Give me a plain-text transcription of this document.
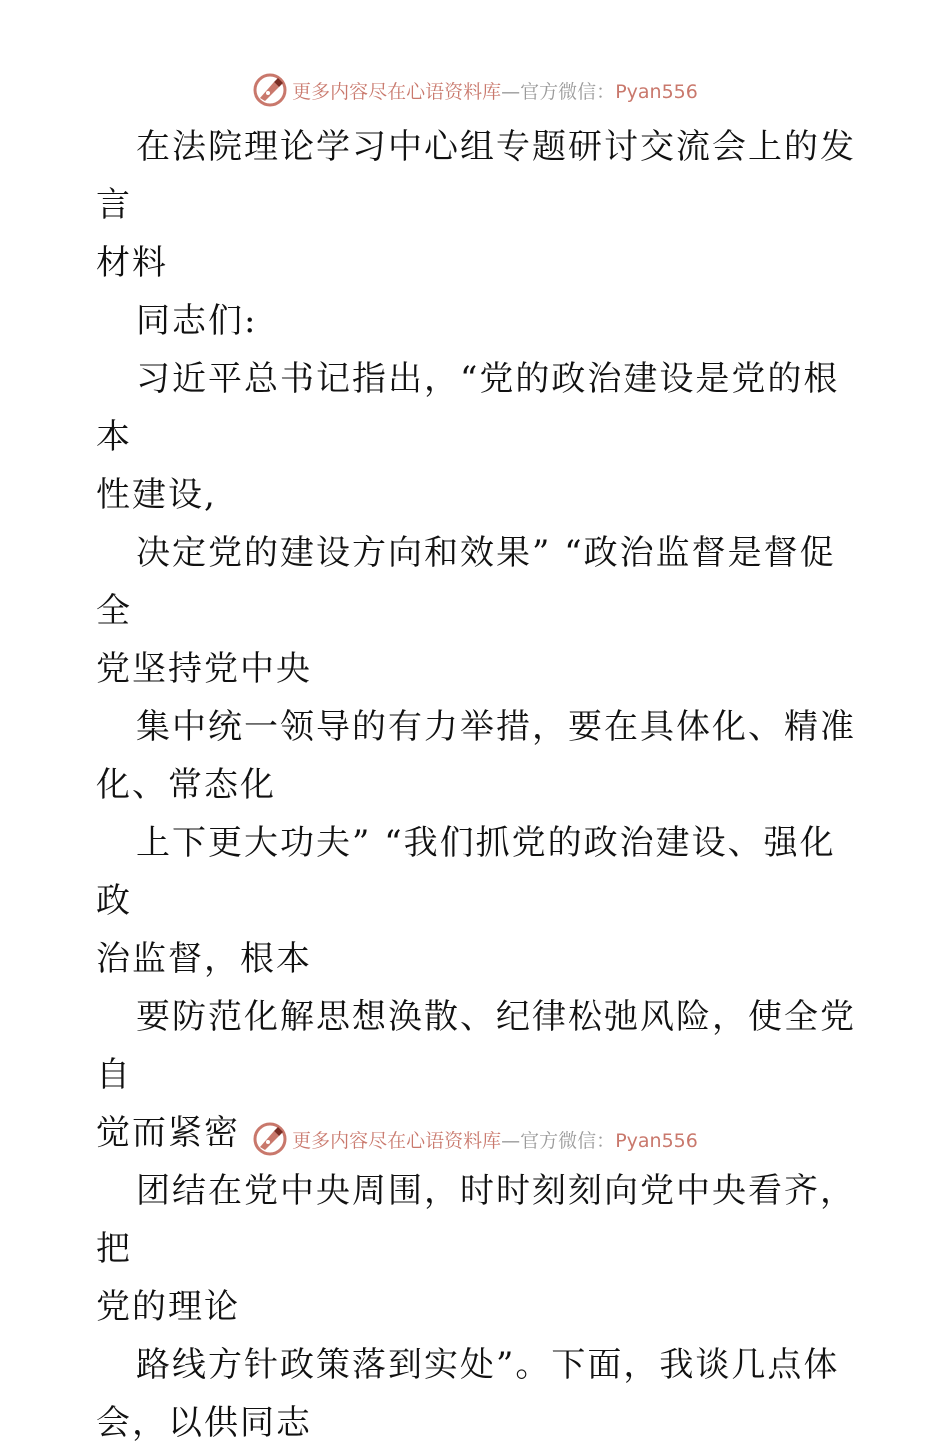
更多内容尽在心语资料库—官方微信：Pyan556

在法院理论学习中心组专题研讨交流会上的发言
材料

同志们:

习近平总书记指出，“党的政治建设是党的根本
性建设,

决定党的建设方向和效果” “政治监督是督促全
党坚持党中央

集中统一领导的有力举措，要在具体化、精准
化、常态化

上下更大功夫” “我们抓党的政治建设、强化政
治监督，根本

要防范化解思想涣散、纪律松弛风险，使全党自
觉而紧密

团结在党中央周围，时时刻刻向党中央看齐，把
党的理论

路线方针政策落到实处”。下面，我谈几点体
会，以供同志

更多内容尽在心语资料库—官方微信：Pyan556
